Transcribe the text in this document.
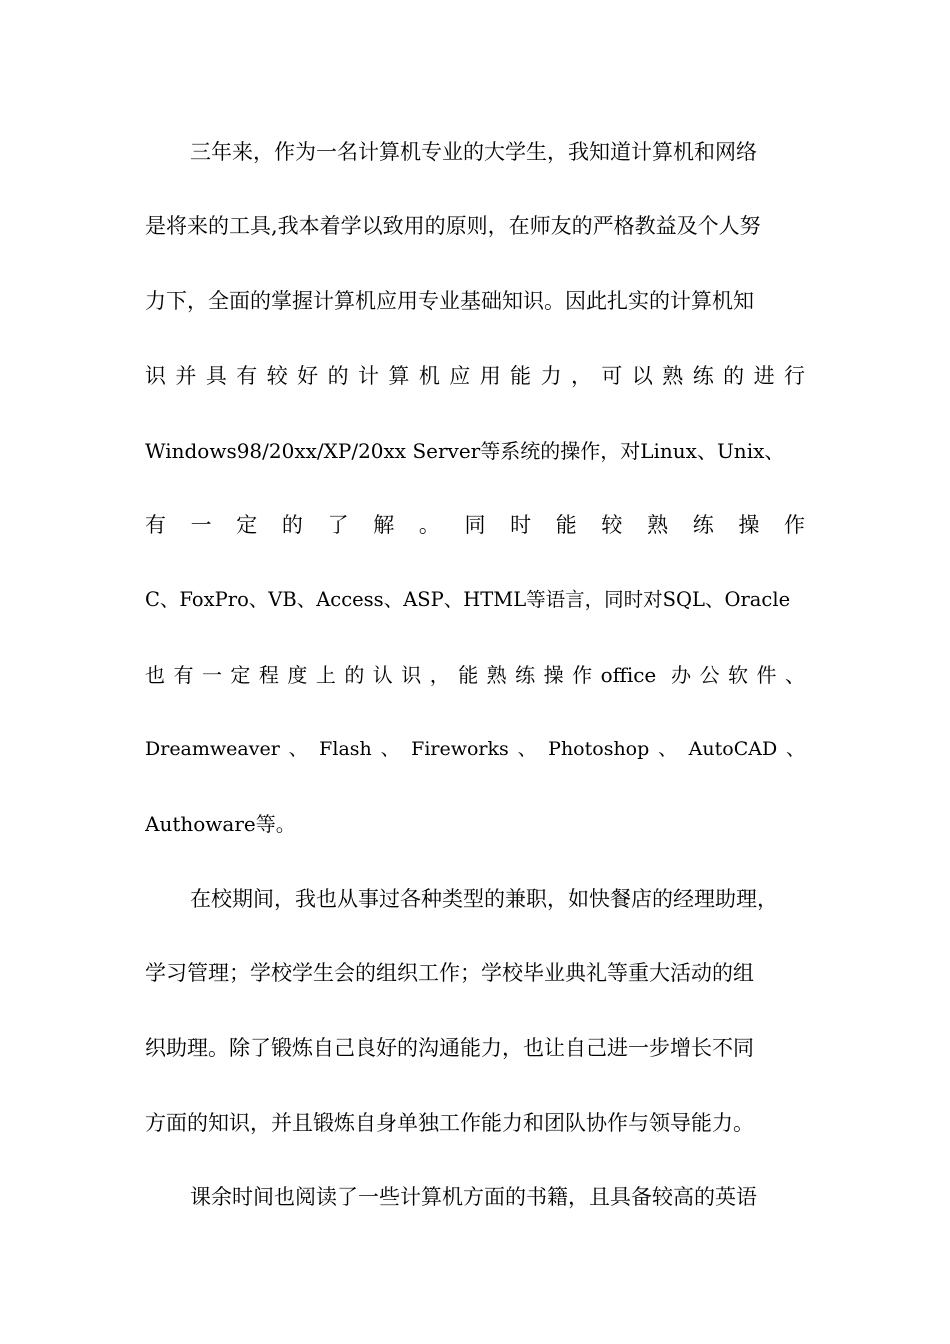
三年来，作为一名计算机专业的大学生，我知道计算机和网络
是将来的工具,我本着学以致用的原则，在师友的严格教益及个人努
力下，全面的掌握计算机应用专业基础知识。因此扎实的计算机知
识并具有较好的计算机应用能力，可以熟练的进行
Windows98/20xx/XP/20xx Server等系统的操作，对Linux、Unix、
有一定的了解。同时能较熟练操作
C、FoxPro、VB、Access、ASP、HTML等语言，同时对SQL、Oracle
也有一定程度上的认识，能熟练操作office 办公软件、
Dreamweaver 、 Flash 、 Fireworks 、 Photoshop 、 AutoCAD 、
Authoware等。
在校期间，我也从事过各种类型的兼职，如快餐店的经理助理，
学习管理；学校学生会的组织工作；学校毕业典礼等重大活动的组
织助理。除了锻炼自己良好的沟通能力，也让自己进一步增长不同
方面的知识，并且锻炼自身单独工作能力和团队协作与领导能力。
课余时间也阅读了一些计算机方面的书籍，且具备较高的英语
